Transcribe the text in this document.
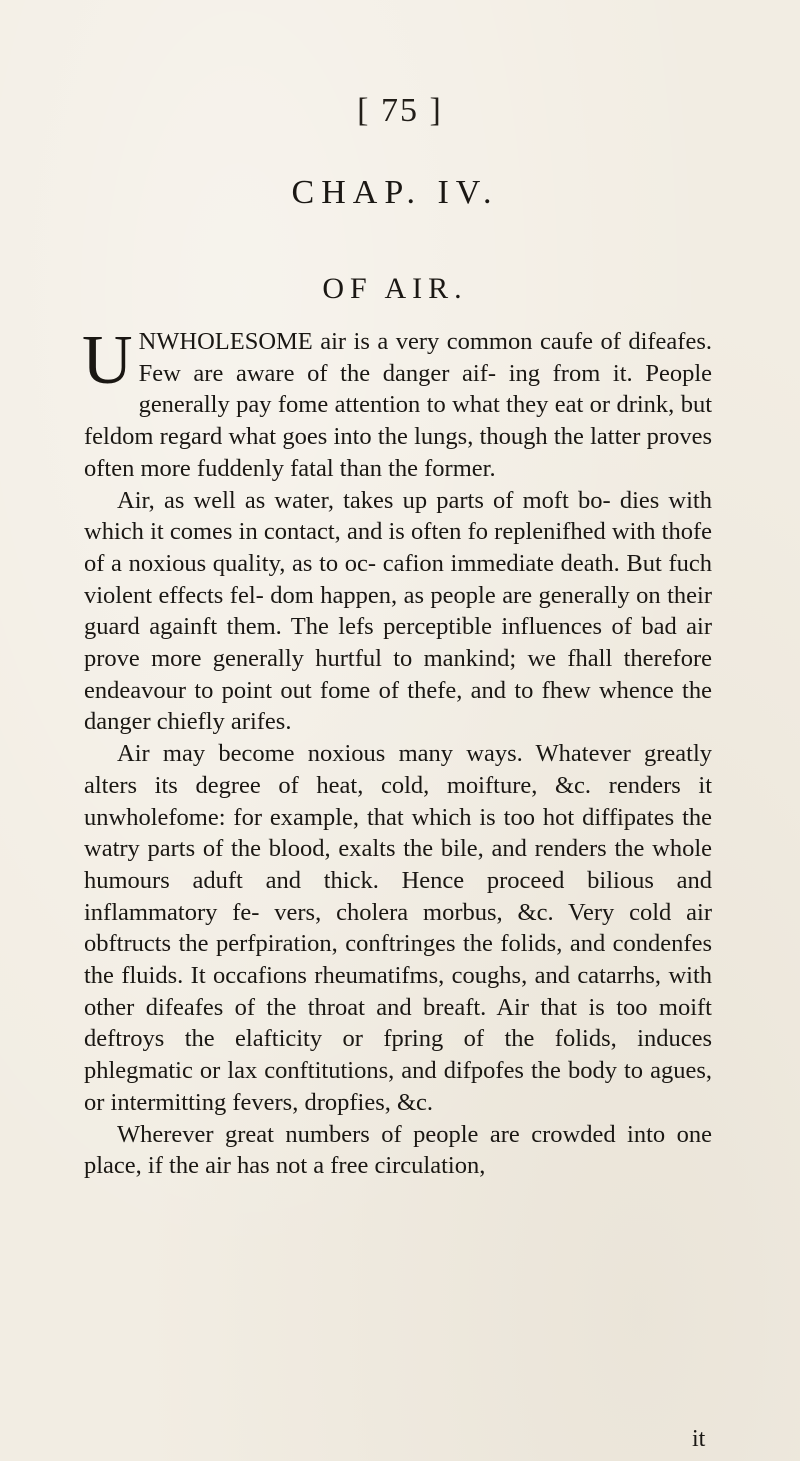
[ 75 ]
CHAP. IV.
OF AIR.

UNWHOLESOME air is a very common caufe of difeafes. Few are aware of the danger aif- ing from it. People generally pay fome attention to what they eat or drink, but feldom regard what goes into the lungs, though the latter proves often more fuddenly fatal than the former.

Air, as well as water, takes up parts of moft bo- dies with which it comes in contact, and is often fo replenifhed with thofe of a noxious quality, as to oc- cafion immediate death. But fuch violent effects fel- dom happen, as people are generally on their guard againft them. The lefs perceptible influences of bad air prove more generally hurtful to mankind; we fhall therefore endeavour to point out fome of thefe, and to fhew whence the danger chiefly arifes.

Air may become noxious many ways. Whatever greatly alters its degree of heat, cold, moifture, &c. renders it unwholefome: for example, that which is too hot diffipates the watry parts of the blood, exalts the bile, and renders the whole humours aduft and thick. Hence proceed bilious and inflammatory fe- vers, cholera morbus, &c. Very cold air obftructs the perfpiration, conftringes the folids, and condenfes the fluids. It occafions rheumatifms, coughs, and catarrhs, with other difeafes of the throat and breaft. Air that is too moift deftroys the elafticity or fpring of the folids, induces phlegmatic or lax conftitutions, and difpofes the body to agues, or intermitting fevers, dropfies, &c.

Wherever great numbers of people are crowded into one place, if the air has not a free circulation,

it
